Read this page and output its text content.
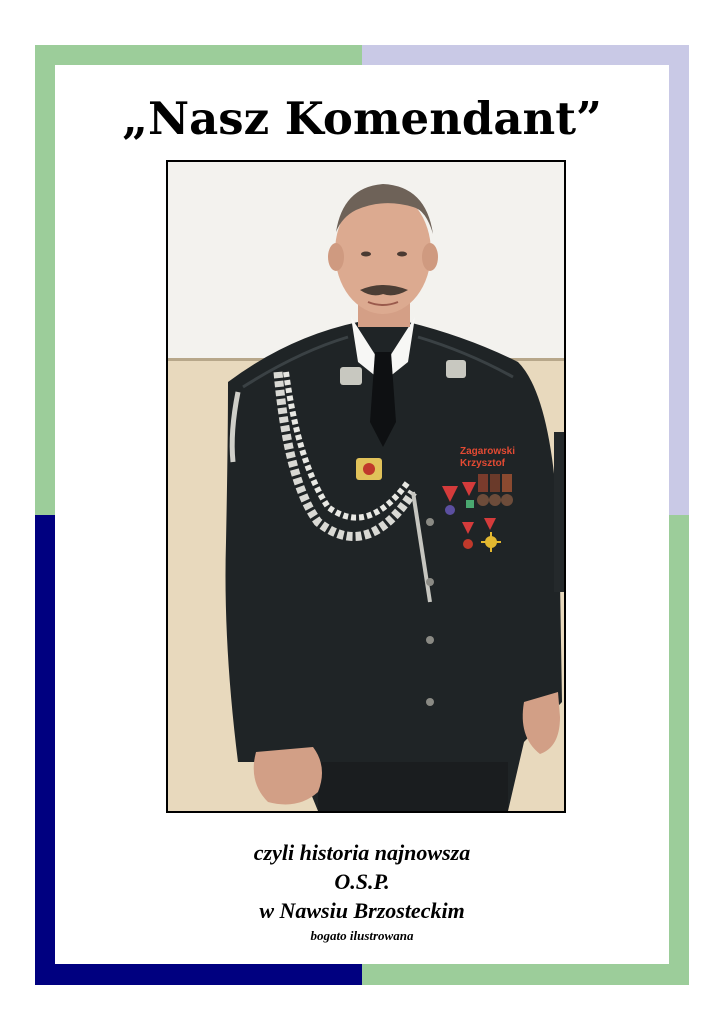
„Nasz Komendant”
Zagarowski
Krzysztof
czyli historia najnowsza
O.S.P.
w Nawsiu Brzosteckim
bogato ilustrowana
